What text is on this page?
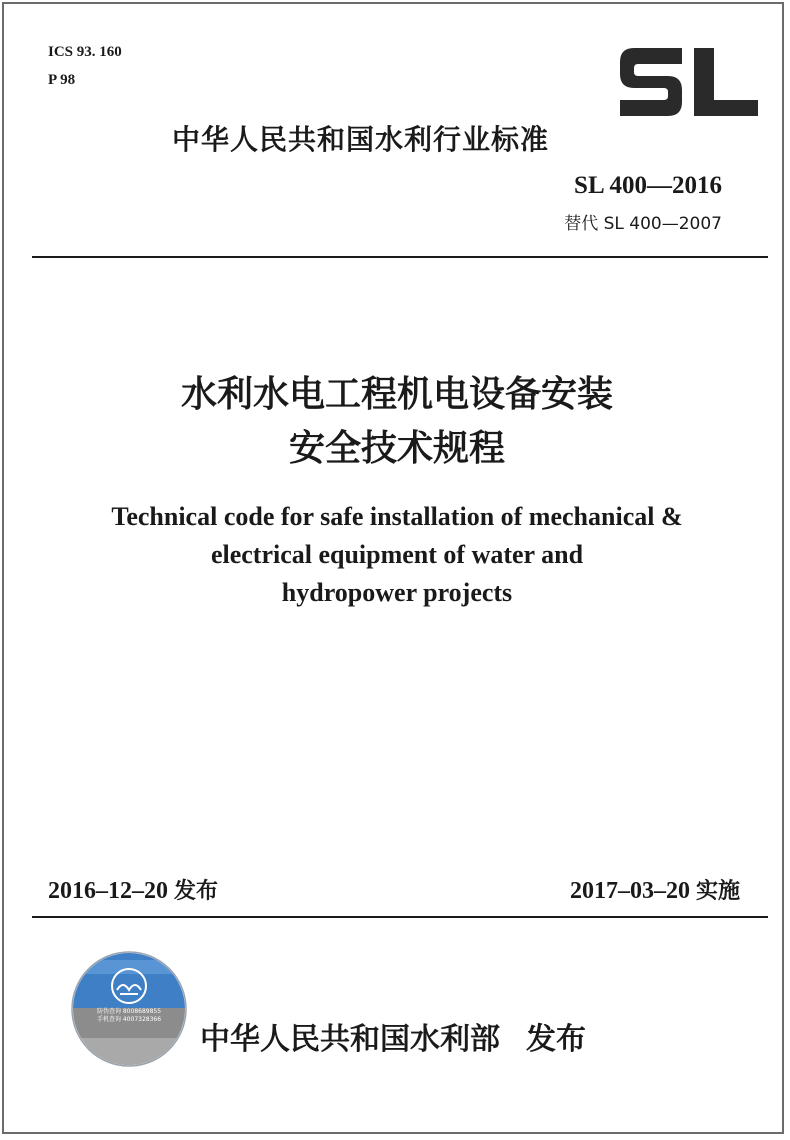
ICS 93. 160
P 98
中华人民共和国水利行业标准
SL 400—2016
替代 SL 400—2007
水利水电工程机电设备安装
安全技术规程
Technical code for safe installation of mechanical &
electrical equipment of water and
hydropower projects
2016–12–20 发布	2017–03–20 实施
防伪查询 8008689855
手机查询 4007328366
中华人民共和国水利部 发布
